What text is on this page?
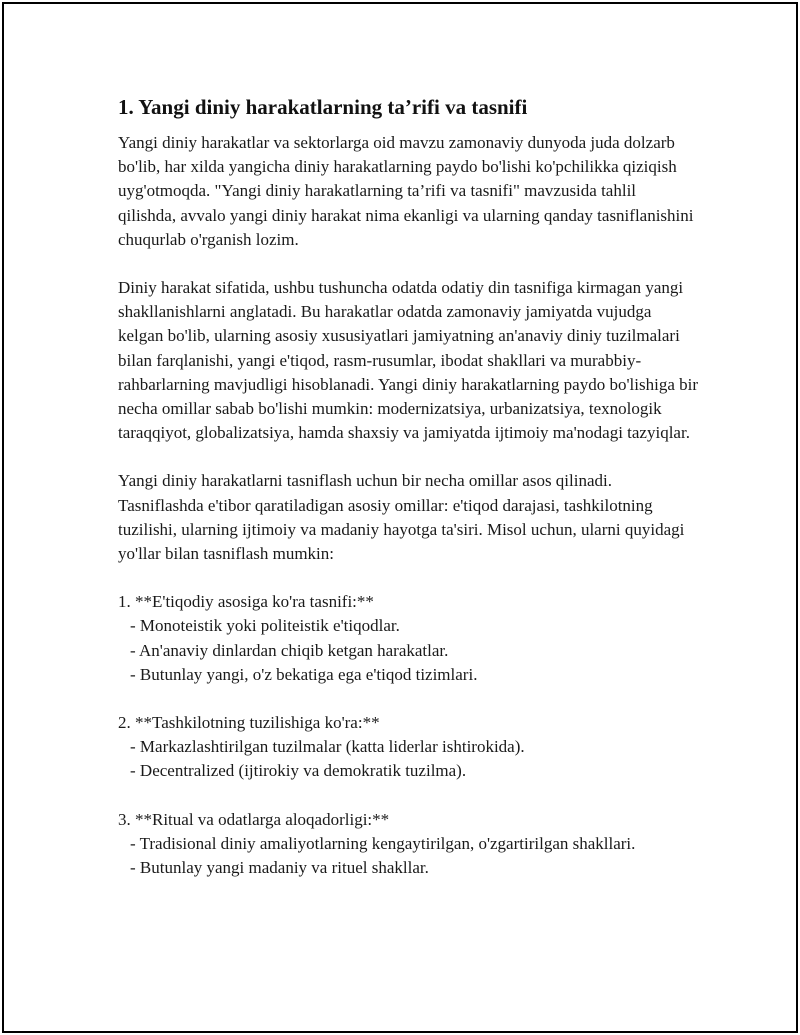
1. Yangi diniy harakatlarning ta’rifi va tasnifi

Yangi diniy harakatlar va sektorlarga oid mavzu zamonaviy dunyoda juda dolzarb bo'lib, har xilda yangicha diniy harakatlarning paydo bo'lishi ko'pchilikka qiziqish uyg'otmoqda. "Yangi diniy harakatlarning ta’rifi va tasnifi" mavzusida tahlil qilishda, avvalo yangi diniy harakat nima ekanligi va ularning qanday tasniflanishini chuqurlab o'rganish lozim.

Diniy harakat sifatida, ushbu tushuncha odatda odatiy din tasnifiga kirmagan yangi shakllanishlarni anglatadi. Bu harakatlar odatda zamonaviy jamiyatda vujudga kelgan bo'lib, ularning asosiy xususiyatlari jamiyatning an'anaviy diniy tuzilmalari bilan farqlanishi, yangi e'tiqod, rasm-rusumlar, ibodat shakllari va murabbiy-rahbarlarning mavjudligi hisoblanadi. Yangi diniy harakatlarning paydo bo'lishiga bir necha omillar sabab bo'lishi mumkin: modernizatsiya, urbanizatsiya, texnologik taraqqiyot, globalizatsiya, hamda shaxsiy va jamiyatda ijtimoiy ma'nodagi tazyiqlar.

Yangi diniy harakatlarni tasniflash uchun bir necha omillar asos qilinadi. Tasniflashda e'tibor qaratiladigan asosiy omillar: e'tiqod darajasi, tashkilotning tuzilishi, ularning ijtimoiy va madaniy hayotga ta'siri. Misol uchun, ularni quyidagi yo'llar bilan tasniflash mumkin:

1. **E'tiqodiy asosiga ko'ra tasnifi:**
- Monoteistik yoki politeistik e'tiqodlar.
- An'anaviy dinlardan chiqib ketgan harakatlar.
- Butunlay yangi, o'z bekatiga ega e'tiqod tizimlari.
2. **Tashkilotning tuzilishiga ko'ra:**
- Markazlashtirilgan tuzilmalar (katta liderlar ishtirokida).
- Decentralized (ijtirokiy va demokratik tuzilma).
3. **Ritual va odatlarga aloqadorligi:**
- Tradisional diniy amaliyotlarning kengaytirilgan, o'zgartirilgan shakllari.
- Butunlay yangi madaniy va rituel shakllar.
